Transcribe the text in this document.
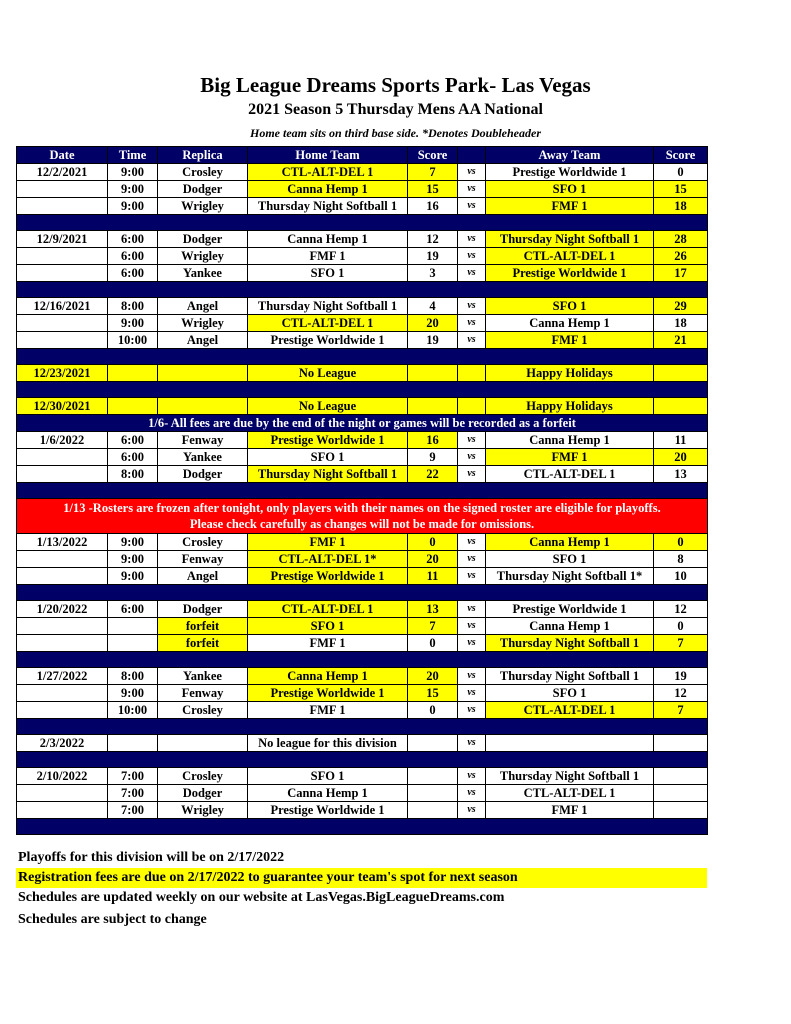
Big League Dreams Sports Park- Las Vegas
2021 Season 5 Thursday Mens AA National
Home team sits on third base side. *Denotes Doubleheader
Date	Time	Replica	Home Team	Score		Away Team	Score
12/2/2021	9:00	Crosley	CTL-ALT-DEL 1	7	vs	Prestige Worldwide 1	0
	9:00	Dodger	Canna Hemp 1	15	vs	SFO 1	15
	9:00	Wrigley	Thursday Night Softball 1	16	vs	FMF 1	18

12/9/2021	6:00	Dodger	Canna Hemp 1	12	vs	Thursday Night Softball 1	28
	6:00	Wrigley	FMF 1	19	vs	CTL-ALT-DEL 1	26
	6:00	Yankee	SFO 1	3	vs	Prestige Worldwide 1	17

12/16/2021	8:00	Angel	Thursday Night Softball 1	4	vs	SFO 1	29
	9:00	Wrigley	CTL-ALT-DEL 1	20	vs	Canna Hemp 1	18
	10:00	Angel	Prestige Worldwide 1	19	vs	FMF 1	21

12/23/2021			No League			Happy Holidays	

12/30/2021			No League			Happy Holidays	
1/6- All fees are due by the end of the night or games will be recorded as a forfeit							
1/6/2022	6:00	Fenway	Prestige Worldwide 1	16	vs	Canna Hemp 1	11
	6:00	Yankee	SFO 1	9	vs	FMF 1	20
	8:00	Dodger	Thursday Night Softball 1	22	vs	CTL-ALT-DEL 1	13

1/13 -Rosters are frozen after tonight, only players with their names on the signed roster are eligible for playoffs.
Please check carefully as changes will not be made for omissions.							

1/13/2022	9:00	Crosley	FMF 1	0	vs	Canna Hemp 1	0
	9:00	Fenway	CTL-ALT-DEL 1*	20	vs	SFO 1	8
	9:00	Angel	Prestige Worldwide 1	11	vs	Thursday Night Softball 1*	10

1/20/2022	6:00	Dodger	CTL-ALT-DEL 1	13	vs	Prestige Worldwide 1	12
		forfeit	SFO 1	7	vs	Canna Hemp 1	0
		forfeit	FMF 1	0	vs	Thursday Night Softball 1	7

1/27/2022	8:00	Yankee	Canna Hemp 1	20	vs	Thursday Night Softball 1	19
	9:00	Fenway	Prestige Worldwide 1	15	vs	SFO 1	12
	10:00	Crosley	FMF 1	0	vs	CTL-ALT-DEL 1	7

2/3/2022			No league for this division		vs		

2/10/2022	7:00	Crosley	SFO 1		vs	Thursday Night Softball 1	
	7:00	Dodger	Canna Hemp 1		vs	CTL-ALT-DEL 1	
	7:00	Wrigley	Prestige Worldwide 1		vs	FMF 1	

Playoffs for this division will be on 2/17/2022
Registration fees are due on 2/17/2022 to guarantee your team's spot for next season
Schedules are updated weekly on our website at LasVegas.BigLeagueDreams.com
Schedules are subject to change
